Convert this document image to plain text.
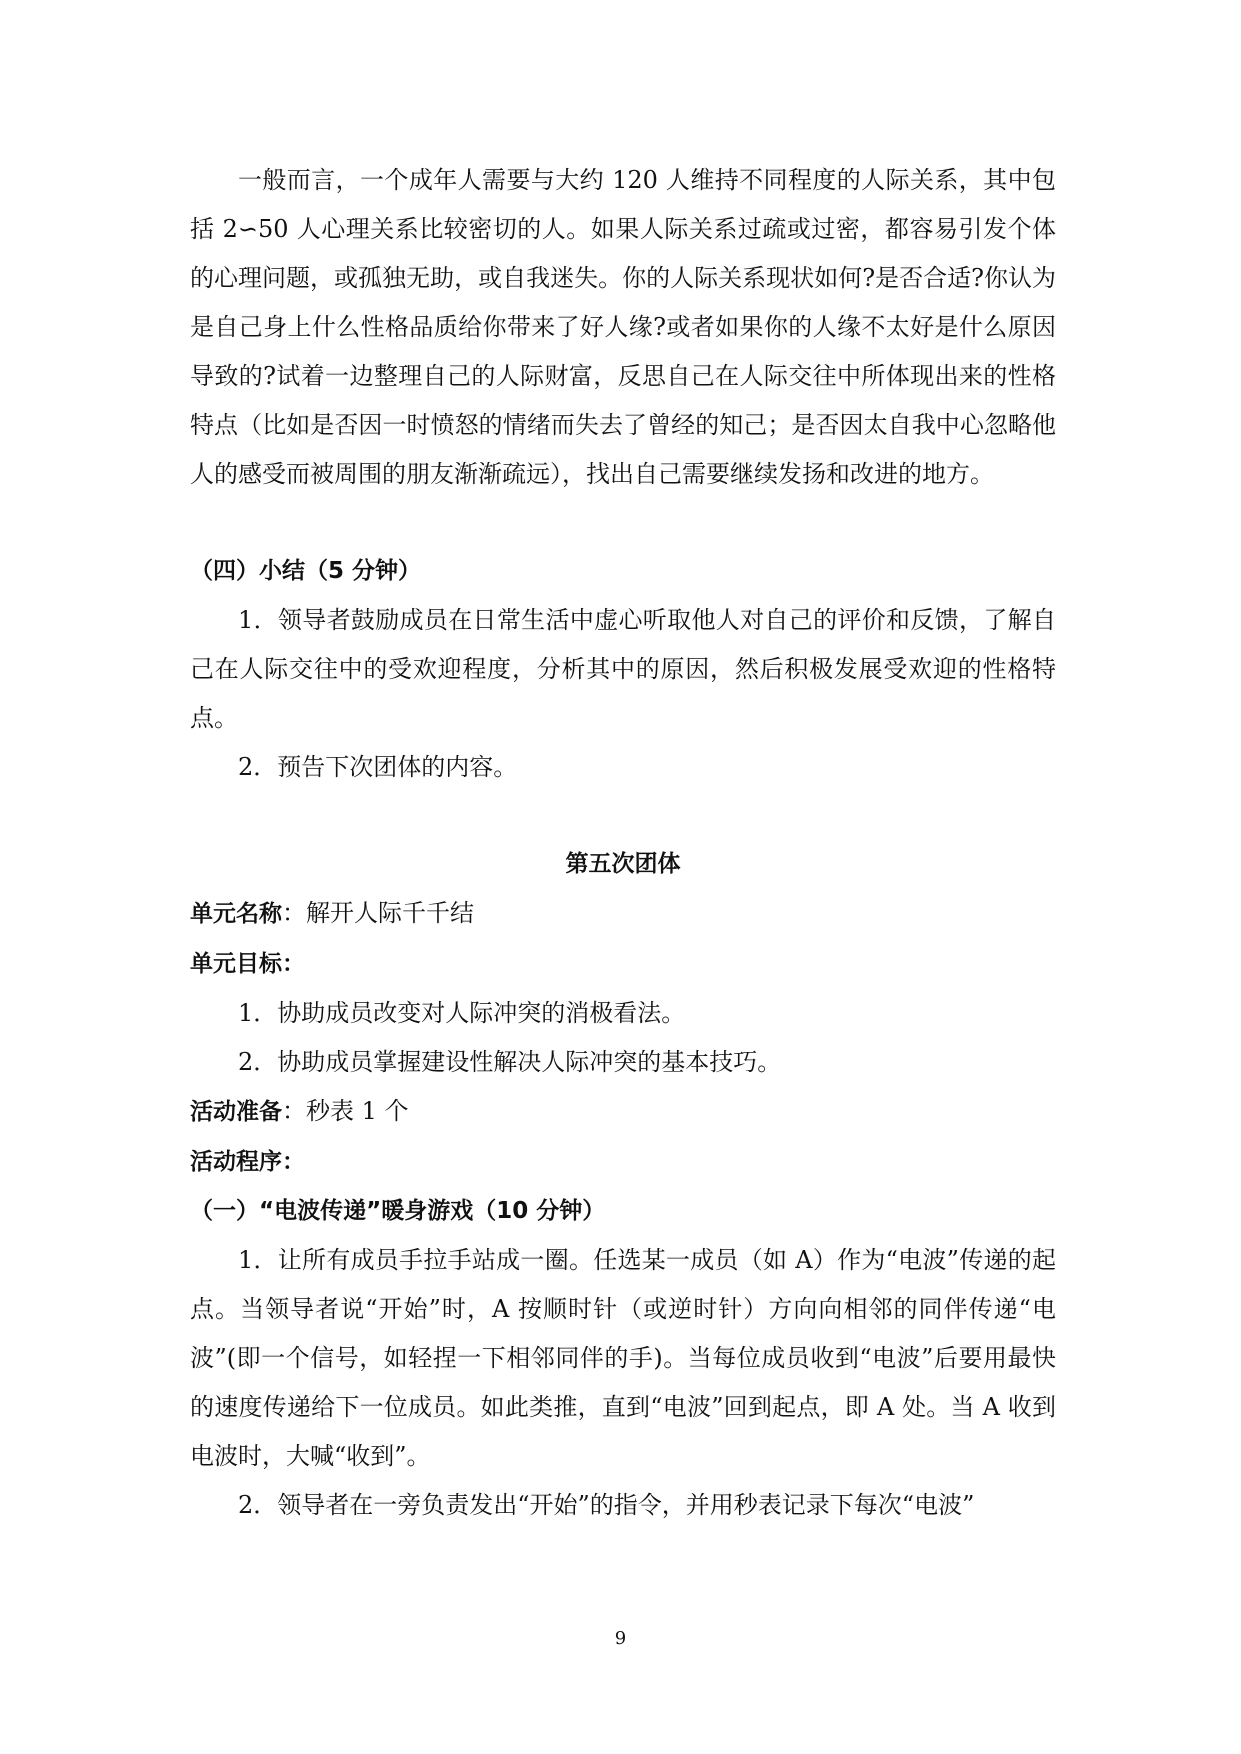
一般而言，一个成年人需要与大约 120 人维持不同程度的人际关系，其中包括 2∽50 人心理关系比较密切的人。如果人际关系过疏或过密，都容易引发个体的心理问题，或孤独无助，或自我迷失。你的人际关系现状如何?是否合适?你认为是自己身上什么性格品质给你带来了好人缘?或者如果你的人缘不太好是什么原因导致的?试着一边整理自己的人际财富，反思自己在人际交往中所体现出来的性格特点（比如是否因一时愤怒的情绪而失去了曾经的知己；是否因太自我中心忽略他人的感受而被周围的朋友渐渐疏远），找出自己需要继续发扬和改进的地方。

（四）小结（5 分钟）

1．领导者鼓励成员在日常生活中虚心听取他人对自己的评价和反馈，了解自己在人际交往中的受欢迎程度，分析其中的原因，然后积极发展受欢迎的性格特点。

2．预告下次团体的内容。

第五次团体

单元名称：解开人际千千结

单元目标：

1．协助成员改变对人际冲突的消极看法。

2．协助成员掌握建设性解决人际冲突的基本技巧。

活动准备：秒表 1 个

活动程序：

（一）“电波传递”暖身游戏（10 分钟）

1．让所有成员手拉手站成一圈。任选某一成员（如 A）作为“电波”传递的起点。当领导者说“开始”时，A 按顺时针（或逆时针）方向向相邻的同伴传递“电波”(即一个信号，如轻捏一下相邻同伴的手)。当每位成员收到“电波”后要用最快的速度传递给下一位成员。如此类推，直到“电波”回到起点，即 A 处。当 A 收到电波时，大喊“收到”。

2．领导者在一旁负责发出“开始”的指令，并用秒表记录下每次“电波”

9
